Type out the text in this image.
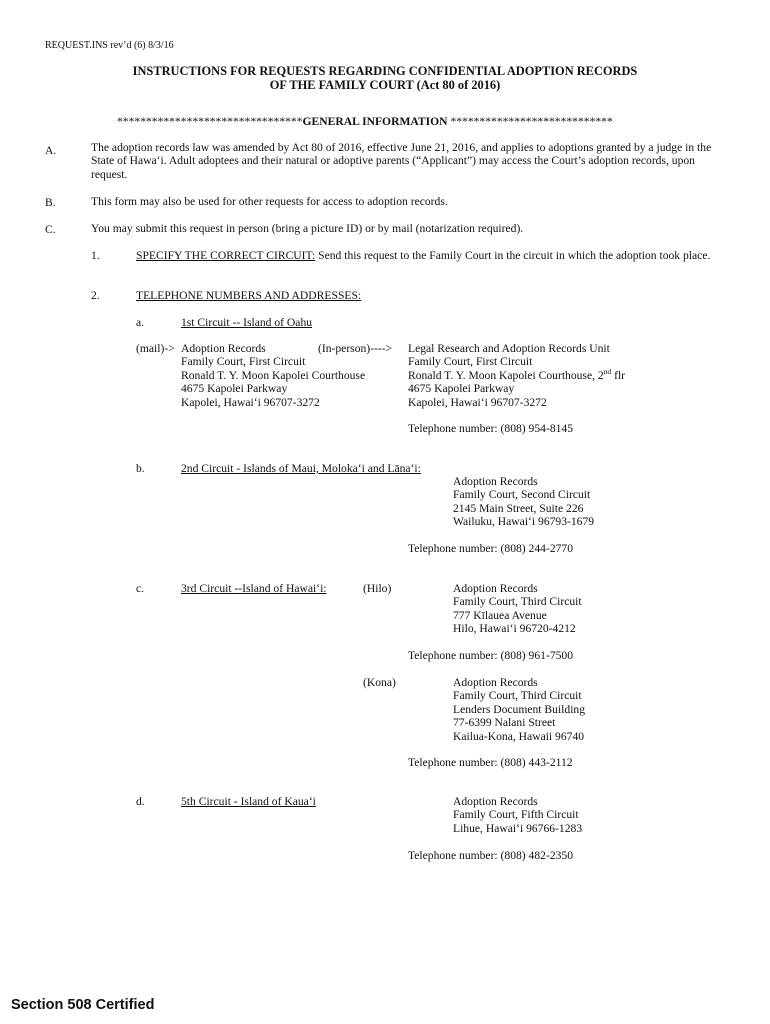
REQUEST.INS rev’d (6) 8/3/16
INSTRUCTIONS FOR REQUESTS REGARDING CONFIDENTIAL ADOPTION RECORDS
OF THE FAMILY COURT (Act 80 of 2016)
********************************GENERAL INFORMATION ****************************
A.	The adoption records law was amended by Act 80 of 2016, effective June 21, 2016, and applies to adoptions granted by a judge in the State of Hawaʻi. Adult adoptees and their natural or adoptive parents (“Applicant”) may access the Court’s adoption records, upon request.
B.	This form may also be used for other requests for access to adoption records.
C.	You may submit this request in person (bring a picture ID) or by mail (notarization required).
1.	SPECIFY THE CORRECT CIRCUIT: Send this request to the Family Court in the circuit in which the adoption took place.
2.	TELEPHONE NUMBERS AND ADDRESSES:
a.	1st Circuit -- Island of Oahu
(mail)-> Adoption Records
Family Court, First Circuit
Ronald T. Y. Moon Kapolei Courthouse
4675 Kapolei Parkway
Kapolei, Hawai‘i 96707-3272
(In-person)----> Legal Research and Adoption Records Unit
Family Court, First Circuit
Ronald T. Y. Moon Kapolei Courthouse, 2nd flr
4675 Kapolei Parkway
Kapolei, Hawai‘i 96707-3272
Telephone number: (808) 954-8145
b.	2nd Circuit - Islands of Maui, Moloka‘i and Lāna‘i:
Adoption Records
Family Court, Second Circuit
2145 Main Street, Suite 226
Wailuku, Hawai‘i 96793-1679
Telephone number: (808) 244-2770
c.	3rd Circuit --Island of Hawai‘i:	(Hilo)	Adoption Records
Family Court, Third Circuit
777 Kīlauea Avenue
Hilo, Hawai‘i 96720-4212
Telephone number: (808) 961-7500
(Kona)	Adoption Records
Family Court, Third Circuit
Lenders Document Building
77-6399 Nalani Street
Kailua-Kona, Hawaii 96740
Telephone number: (808) 443-2112
d.	5th Circuit - Island of Kaua‘i	Adoption Records
Family Court, Fifth Circuit
Lihue, Hawai‘i 96766-1283
Telephone number: (808) 482-2350
Section 508 Certified
